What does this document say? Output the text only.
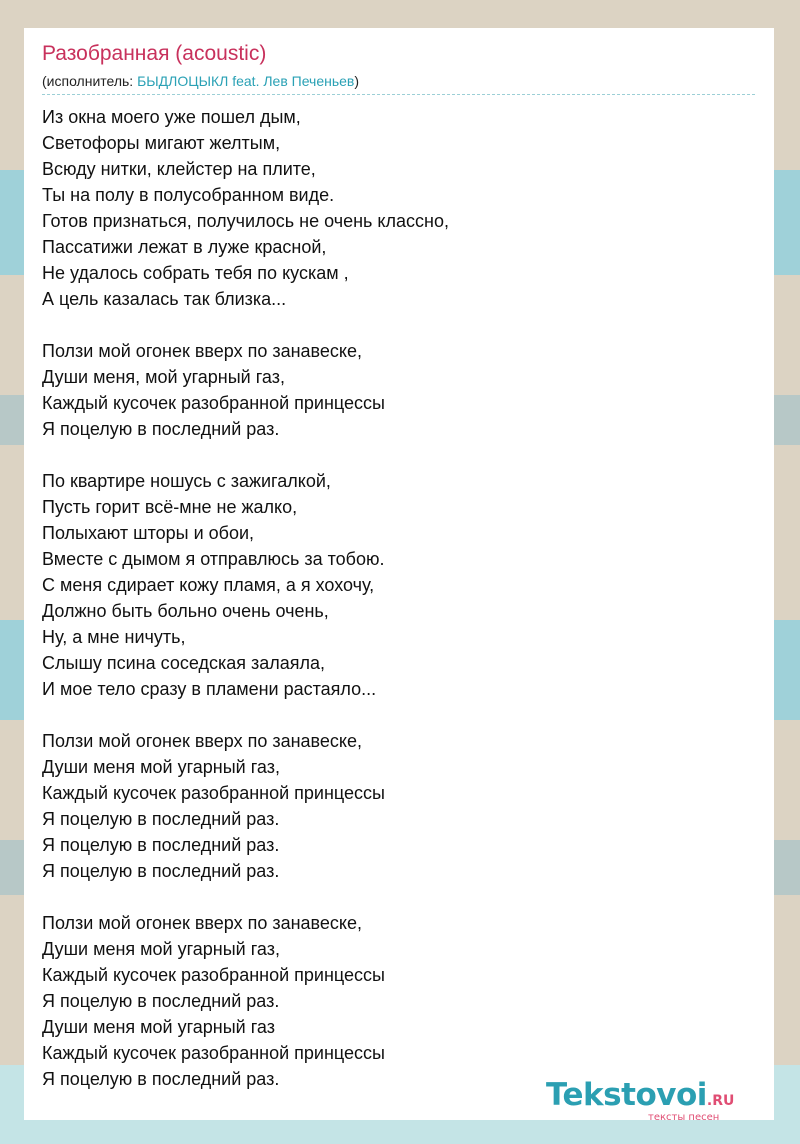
Разобранная (acoustic)
(исполнитель: БЫДЛОЦЫКЛ feat. Лев Печеньев)
Из окна моего уже пошел дым,
Светофоры мигают желтым,
Всюду нитки, клейстер на плите,
Ты на полу в полусобранном виде.
Готов признаться, получилось не очень классно,
Пассатижи лежат в луже красной,
Не удалось собрать тебя по кускам ,
А цель казалась так близка...
Ползи мой огонек вверх по занавеске,
Души меня, мой угарный газ,
Каждый кусочек разобранной принцессы
Я поцелую в последний раз.
По квартире ношусь с зажигалкой,
Пусть горит всё-мне не жалко,
Полыхают шторы и обои,
Вместе с дымом я отправлюсь за тобою.
С меня сдирает кожу пламя, а я хохочу,
Должно быть больно очень очень,
Ну, а мне ничуть,
Слышу псина соседская залаяла,
И мое тело сразу в пламени растаяло...
Ползи мой огонек вверх по занавеске,
Души меня мой угарный газ,
Каждый кусочек разобранной принцессы
Я поцелую в последний раз.
Я поцелую в последний раз.
Я поцелую в последний раз.
Ползи мой огонек вверх по занавеске,
Души меня мой угарный газ,
Каждый кусочек разобранной принцессы
Я поцелую в последний раз.
Души меня мой угарный газ
Каждый кусочек разобранной принцессы
Я поцелую в последний раз.	Tekstovoi.RU
тексты песен
